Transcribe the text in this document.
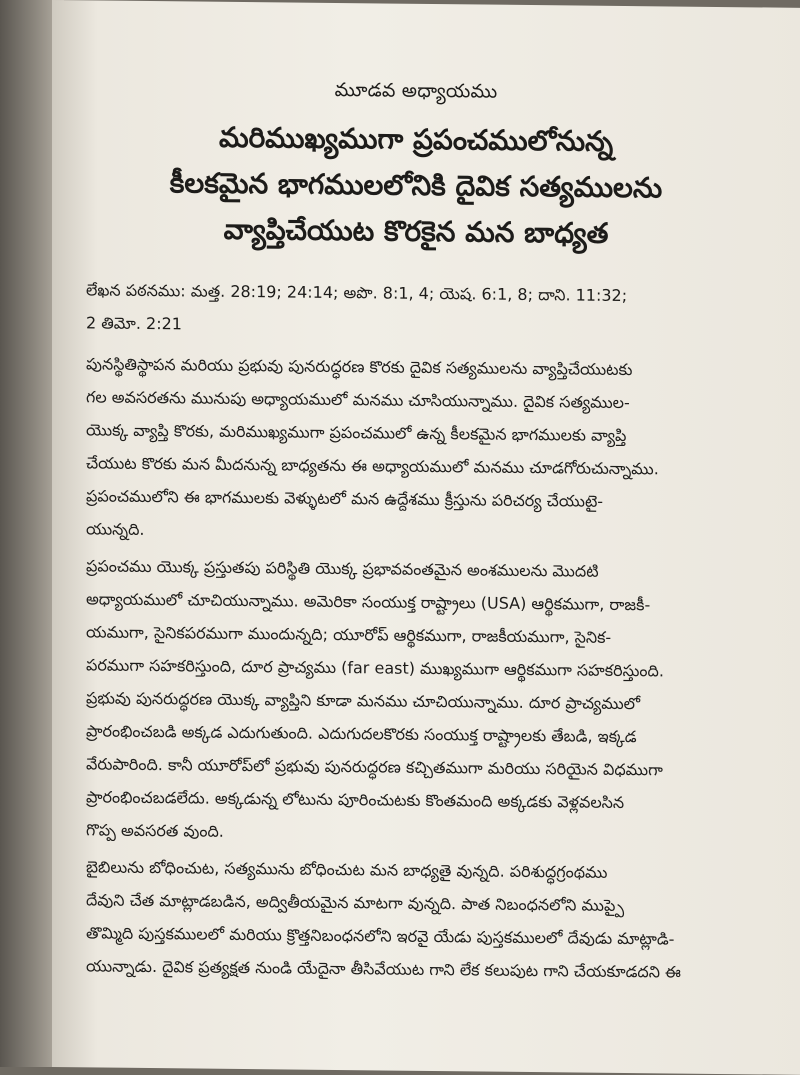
మూడవ అధ్యాయము
మరిముఖ్యముగా ప్రపంచములోనున్న
కీలకమైన భాగములలోనికి దైవిక సత్యములను
వ్యాప్తిచేయుట కొరకైన మన బాధ్యత
లేఖన పఠనము: మత్త. 28:19; 24:14; అపొ. 8:1, 4; యెష. 6:1, 8; దాని. 11:32;
2 తిమో. 2:21
పునస్థితిస్థాపన మరియు ప్రభువు పునరుద్ధరణ కొరకు దైవిక సత్యములను వ్యాప్తిచేయుటకు
గల అవసరతను మునుపు అధ్యాయములో మనము చూసియున్నాము. దైవిక సత్యముల-
యొక్క వ్యాప్తి కొరకు, మరిముఖ్యముగా ప్రపంచములో ఉన్న కీలకమైన భాగములకు వ్యాప్తి
చేయుట కొరకు మన మీదనున్న బాధ్యతను ఈ అధ్యాయములో మనము చూడగోరుచున్నాము.
ప్రపంచములోని ఈ భాగములకు వెళ్ళుటలో మన ఉద్దేశము క్రీస్తును పరిచర్య చేయుటై-
యున్నది.
ప్రపంచము యొక్క ప్రస్తుతపు పరిస్థితి యొక్క ప్రభావవంతమైన అంశములను మొదటి
అధ్యాయములో చూచియున్నాము. అమెరికా సంయుక్త రాష్ట్రాలు (USA) ఆర్థికముగా, రాజకీ-
యముగా, సైనికపరముగా ముందున్నది; యూరోప్ ఆర్థికముగా, రాజకీయముగా, సైనిక-
పరముగా సహకరిస్తుంది, దూర ప్రాచ్యము (far east) ముఖ్యముగా ఆర్థికముగా సహకరిస్తుంది.
ప్రభువు పునరుద్ధరణ యొక్క వ్యాప్తిని కూడా మనము చూచియున్నాము. దూర ప్రాచ్యములో
ప్రారంభించబడి అక్కడ ఎదుగుతుంది. ఎదుగుదలకొరకు సంయుక్త రాష్ట్రాలకు తేబడి, ఇక్కడ
వేరుపారింది. కానీ యూరోప్‌లో ప్రభువు పునరుద్ధరణ కచ్చితముగా మరియు సరియైన విధముగా
ప్రారంభించబడలేదు. అక్కడున్న లోటును పూరించుటకు కొంతమంది అక్కడకు వెళ్లవలసిన
గొప్ప అవసరత వుంది.
బైబిలును బోధించుట, సత్యమును బోధించుట మన బాధ్యతై వున్నది. పరిశుద్ధగ్రంథము
దేవుని చేత మాట్లాడబడిన, అద్వితీయమైన మాటగా వున్నది. పాత నిబంధనలోని ముప్పై
తొమ్మిది పుస్తకములలో మరియు క్రొత్తనిబంధనలోని ఇరవై యేడు పుస్తకములలో దేవుడు మాట్లాడి-
యున్నాడు. దైవిక ప్రత్యక్షత నుండి యేదైనా తీసివేయుట గాని లేక కలుపుట గాని చేయకూడదని ఈ
